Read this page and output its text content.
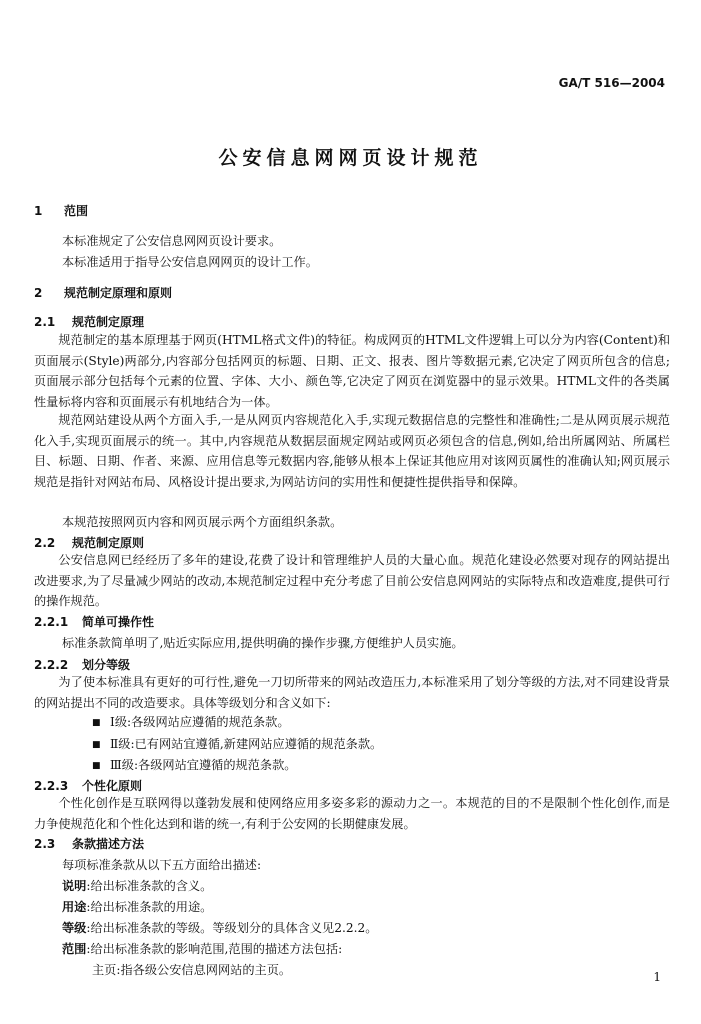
GA/T 516—2004
公安信息网网页设计规范
1 范围
本标准规定了公安信息网网页设计要求。
本标准适用于指导公安信息网网页的设计工作。
2 规范制定原理和原则
2.1 规范制定原理
规范制定的基本原理基于网页(HTML格式文件)的特征。构成网页的HTML文件逻辑上可以分为内容(Content)和页面展示(Style)两部分,内容部分包括网页的标题、日期、正文、报表、图片等数据元素,它决定了网页所包含的信息;页面展示部分包括每个元素的位置、字体、大小、颜色等,它决定了网页在浏览器中的显示效果。HTML文件的各类属性量标将内容和页面展示有机地结合为一体。
规范网站建设从两个方面入手,一是从网页内容规范化入手,实现元数据信息的完整性和准确性;二是从网页展示规范化入手,实现页面展示的统一。其中,内容规范从数据层面规定网站或网页必须包含的信息,例如,给出所属网站、所属栏目、标题、日期、作者、来源、应用信息等元数据内容,能够从根本上保证其他应用对该网页属性的准确认知;网页展示规范是指针对网站布局、风格设计提出要求,为网站访问的实用性和便捷性提供指导和保障。
本规范按照网页内容和网页展示两个方面组织条款。
2.2 规范制定原则
公安信息网已经经历了多年的建设,花费了设计和管理维护人员的大量心血。规范化建设必然要对现存的网站提出改进要求,为了尽量减少网站的改动,本规范制定过程中充分考虑了目前公安信息网网站的实际特点和改造难度,提供可行的操作规范。
2.2.1 简单可操作性
标准条款简单明了,贴近实际应用,提供明确的操作步骤,方便维护人员实施。
2.2.2 划分等级
为了使本标准具有更好的可行性,避免一刀切所带来的网站改造压力,本标准采用了划分等级的方法,对不同建设背景的网站提出不同的改造要求。具体等级划分和含义如下:
■ Ⅰ级:各级网站应遵循的规范条款。
■ Ⅱ级:已有网站宜遵循,新建网站应遵循的规范条款。
■ Ⅲ级:各级网站宜遵循的规范条款。
2.2.3 个性化原则
个性化创作是互联网得以蓬勃发展和使网络应用多姿多彩的源动力之一。本规范的目的不是限制个性化创作,而是力争使规范化和个性化达到和谐的统一,有利于公安网的长期健康发展。
2.3 条款描述方法
每项标准条款从以下五方面给出描述:
说明:给出标准条款的含义。
用途:给出标准条款的用途。
等级:给出标准条款的等级。等级划分的具体含义见2.2.2。
范围:给出标准条款的影响范围,范围的描述方法包括:
主页:指各级公安信息网网站的主页。	1
